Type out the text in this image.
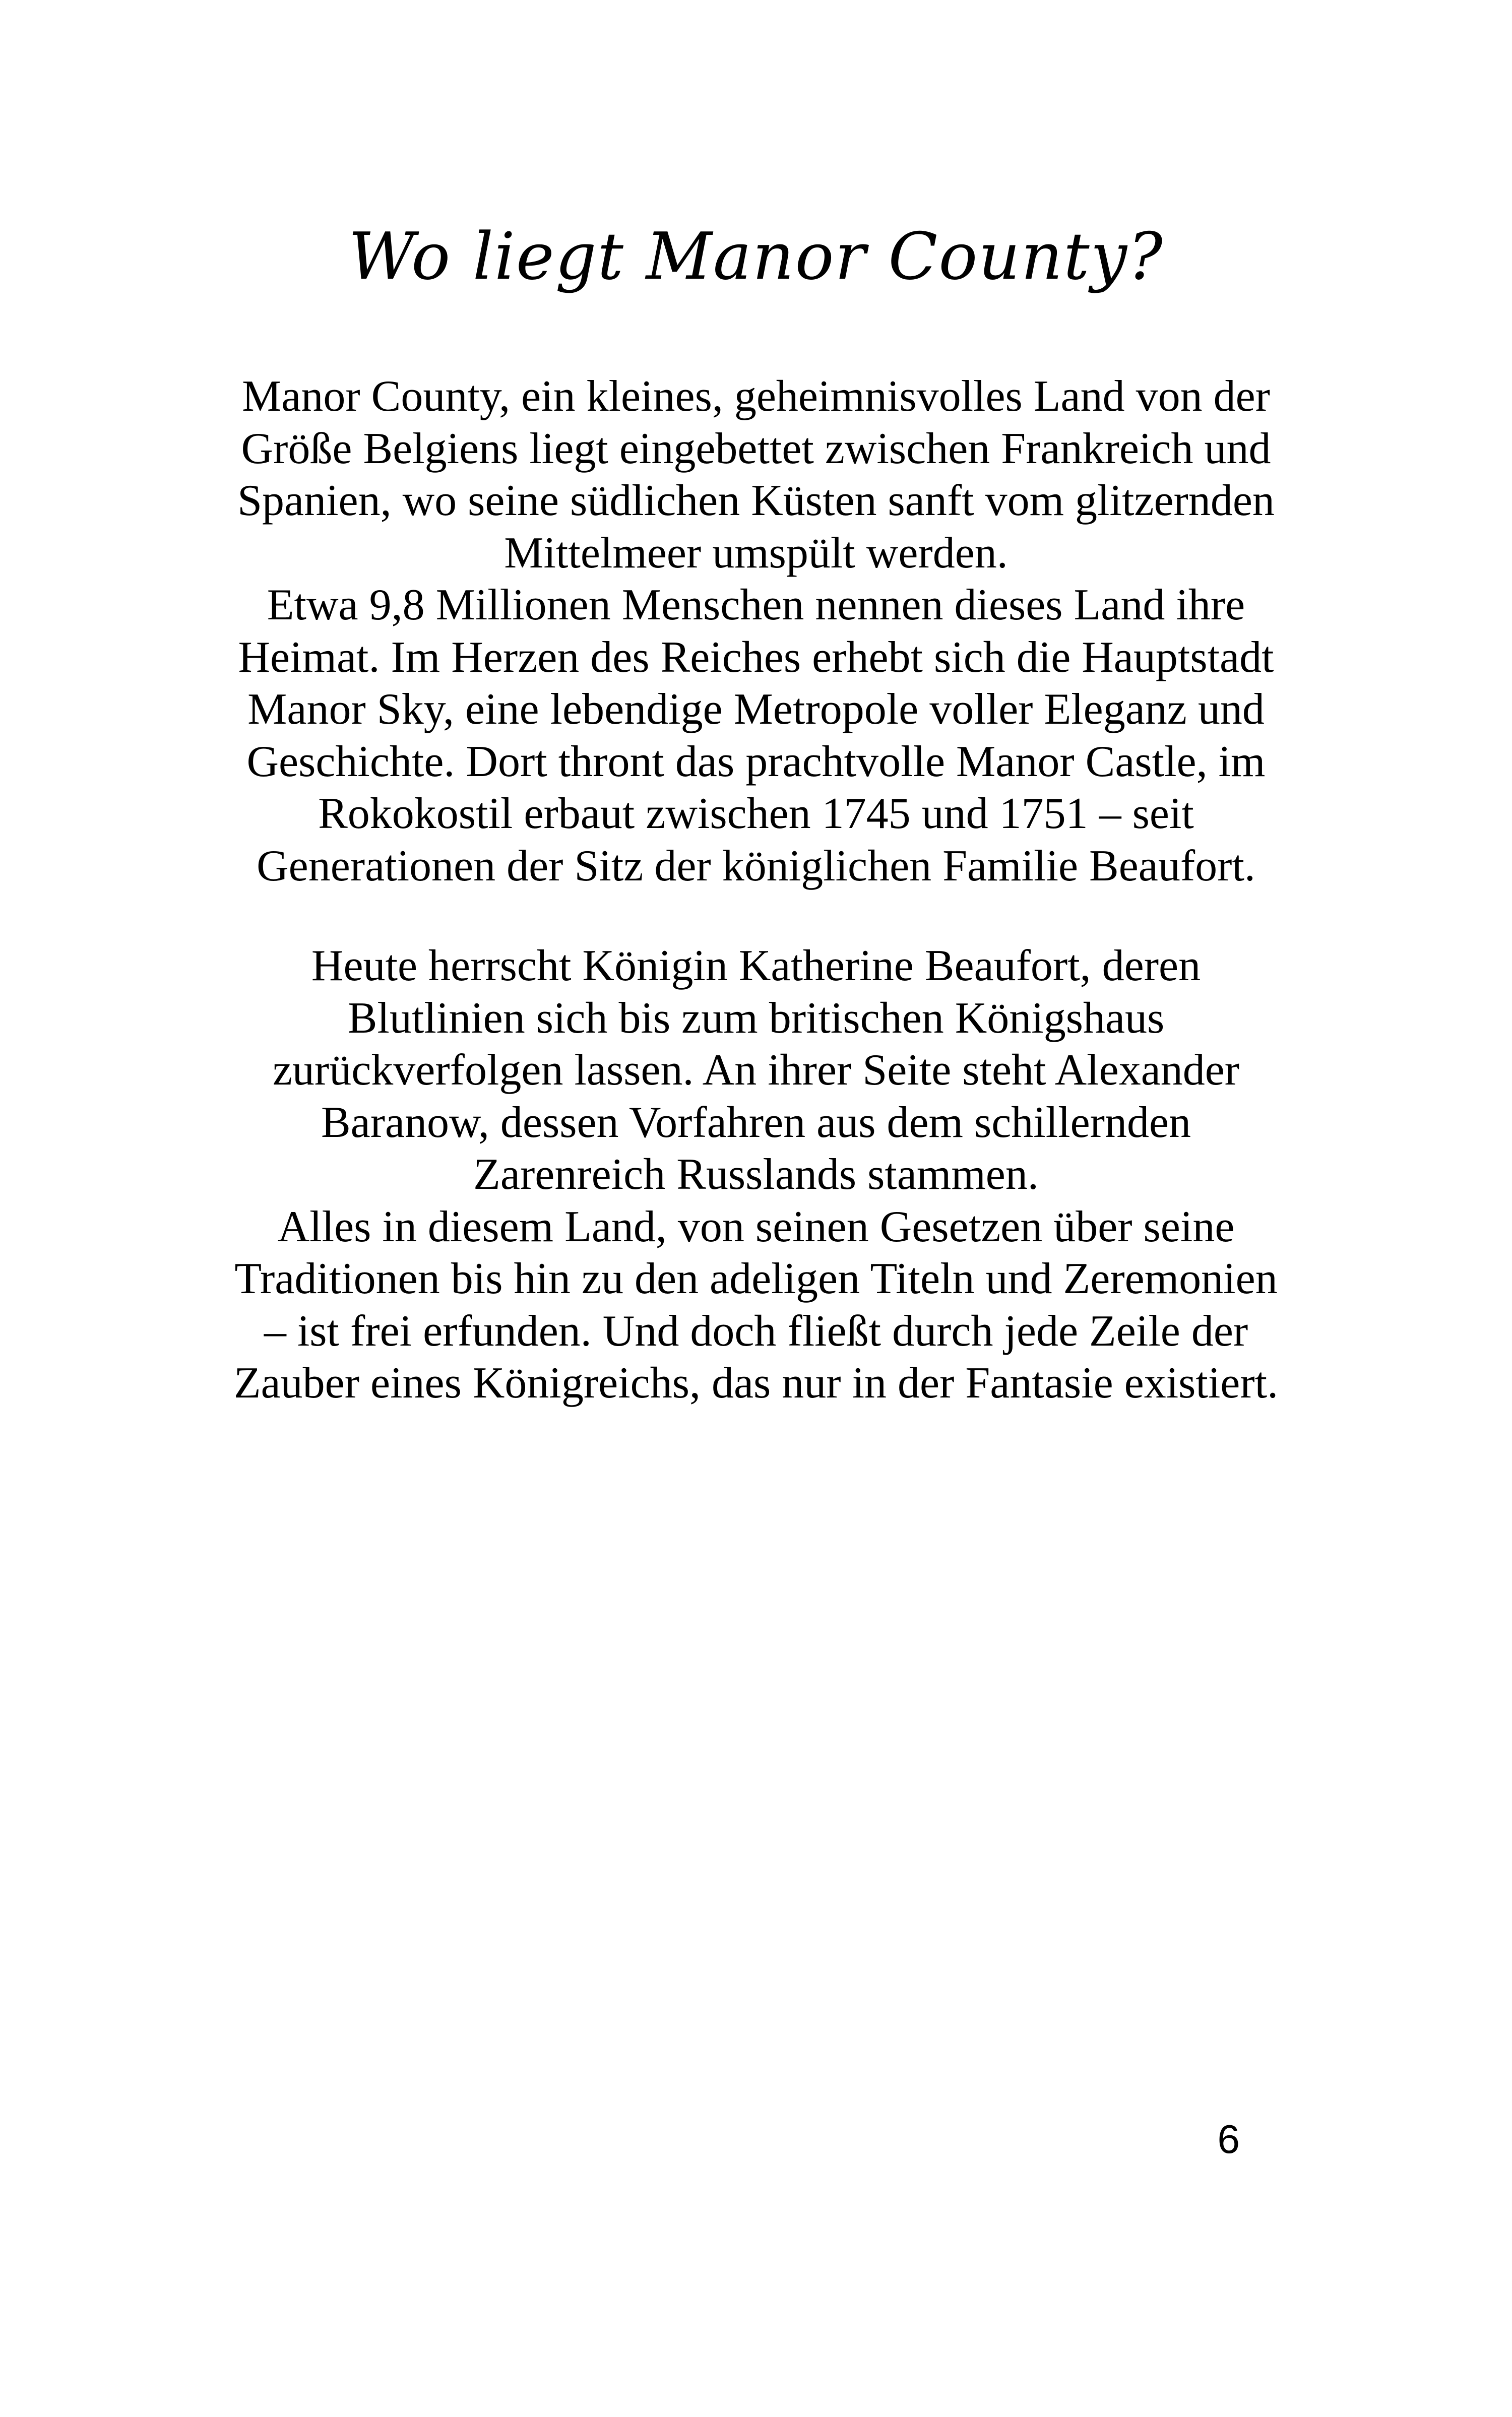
Wo liegt Manor County?

Manor County, ein kleines, geheimnisvolles Land von der
Größe Belgiens liegt eingebettet zwischen Frankreich und
Spanien, wo seine südlichen Küsten sanft vom glitzernden
Mittelmeer umspült werden.
Etwa 9,8 Millionen Menschen nennen dieses Land ihre
Heimat. Im Herzen des Reiches erhebt sich die Hauptstadt
Manor Sky, eine lebendige Metropole voller Eleganz und
Geschichte. Dort thront das prachtvolle Manor Castle, im
Rokokostil erbaut zwischen 1745 und 1751 – seit
Generationen der Sitz der königlichen Familie Beaufort.

Heute herrscht Königin Katherine Beaufort, deren
Blutlinien sich bis zum britischen Königshaus
zurückverfolgen lassen. An ihrer Seite steht Alexander
Baranow, dessen Vorfahren aus dem schillernden
Zarenreich Russlands stammen.
Alles in diesem Land, von seinen Gesetzen über seine
Traditionen bis hin zu den adeligen Titeln und Zeremonien
– ist frei erfunden. Und doch fließt durch jede Zeile der
Zauber eines Königreichs, das nur in der Fantasie existiert.

6
